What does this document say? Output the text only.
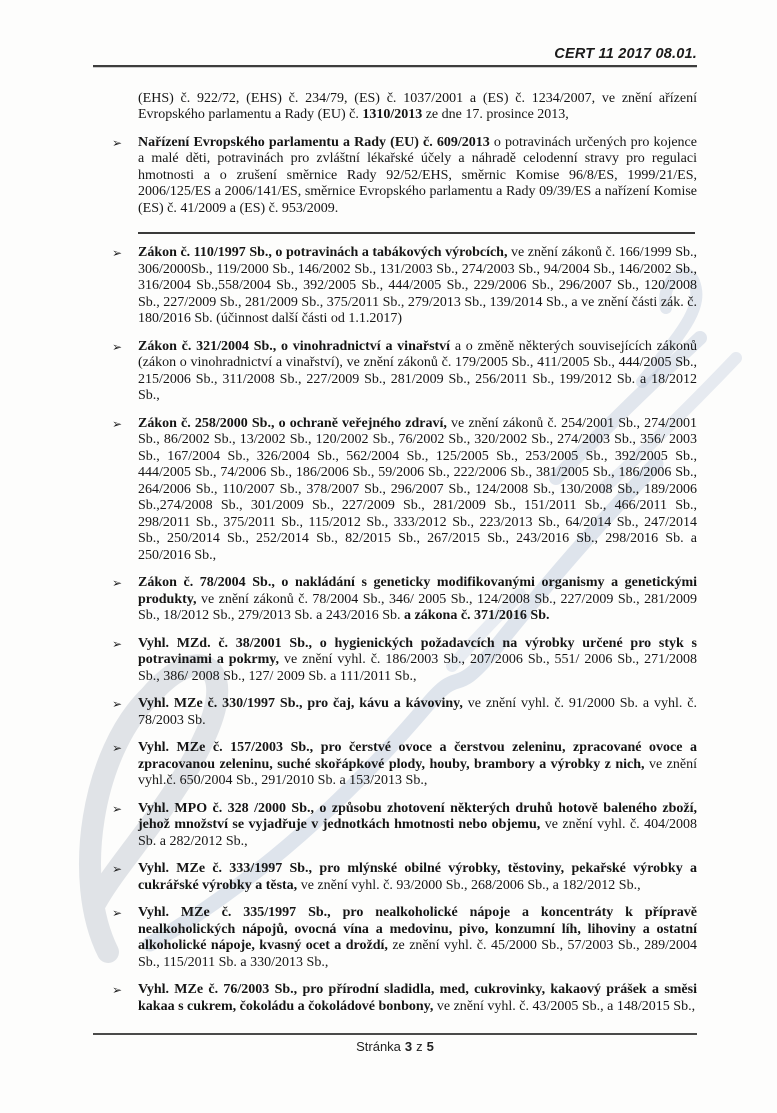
CERT 11 2017 08.01.
(EHS) č. 922/72, (EHS) č. 234/79, (ES) č. 1037/2001 a (ES) č. 1234/2007, ve znění ařízení Evropského parlamentu a Rady (EU) č. 1310/2013 ze dne 17. prosince 2013,
➢ Nařízení Evropského parlamentu a Rady (EU) č. 609/2013 o potravinách určených pro kojence a malé děti, potravinách pro zvláštní lékařské účely a náhradě celodenní stravy pro regulaci hmotnosti a o zrušení směrnice Rady 92/52/EHS, směrnic Komise 96/8/ES, 1999/21/ES, 2006/125/ES a 2006/141/ES, směrnice Evropského parlamentu a Rady 09/39/ES a nařízení Komise (ES) č. 41/2009 a (ES) č. 953/2009.
➢ Zákon č. 110/1997 Sb., o potravinách a tabákových výrobcích, ve znění zákonů č. 166/1999 Sb., 306/2000Sb., 119/2000 Sb., 146/2002 Sb., 131/2003 Sb., 274/2003 Sb., 94/2004 Sb., 146/2002 Sb., 316/2004 Sb.,558/2004 Sb., 392/2005 Sb., 444/2005 Sb., 229/2006 Sb., 296/2007 Sb., 120/2008 Sb., 227/2009 Sb., 281/2009 Sb., 375/2011 Sb., 279/2013 Sb., 139/2014 Sb., a ve znění části zák. č. 180/2016 Sb. (účinnost další části od 1.1.2017)
➢ Zákon č. 321/2004 Sb., o vinohradnictví a vinařství a o změně některých souvisejících zákonů (zákon o vinohradnictví a vinařství), ve znění zákonů č. 179/2005 Sb., 411/2005 Sb., 444/2005 Sb., 215/2006 Sb., 311/2008 Sb., 227/2009 Sb., 281/2009 Sb., 256/2011 Sb., 199/2012 Sb. a 18/2012 Sb.,
➢ Zákon č. 258/2000 Sb., o ochraně veřejného zdraví, ve znění zákonů č. 254/2001 Sb., 274/2001 Sb., 86/2002 Sb., 13/2002 Sb., 120/2002 Sb., 76/2002 Sb., 320/2002 Sb., 274/2003 Sb., 356/ 2003 Sb., 167/2004 Sb., 326/2004 Sb., 562/2004 Sb., 125/2005 Sb., 253/2005 Sb., 392/2005 Sb., 444/2005 Sb., 74/2006 Sb., 186/2006 Sb., 59/2006 Sb., 222/2006 Sb., 381/2005 Sb., 186/2006 Sb., 264/2006 Sb., 110/2007 Sb., 378/2007 Sb., 296/2007 Sb., 124/2008 Sb., 130/2008 Sb., 189/2006 Sb.,274/2008 Sb., 301/2009 Sb., 227/2009 Sb., 281/2009 Sb., 151/2011 Sb., 466/2011 Sb., 298/2011 Sb., 375/2011 Sb., 115/2012 Sb., 333/2012 Sb., 223/2013 Sb., 64/2014 Sb., 247/2014 Sb., 250/2014 Sb., 252/2014 Sb., 82/2015 Sb., 267/2015 Sb., 243/2016 Sb., 298/2016 Sb. a 250/2016 Sb.,
➢ Zákon č. 78/2004 Sb., o nakládání s geneticky modifikovanými organismy a genetickými produkty, ve znění zákonů č. 78/2004 Sb., 346/ 2005 Sb., 124/2008 Sb., 227/2009 Sb., 281/2009 Sb., 18/2012 Sb., 279/2013 Sb. a 243/2016 Sb. a zákona č. 371/2016 Sb.
➢ Vyhl. MZd. č. 38/2001 Sb., o hygienických požadavcích na výrobky určené pro styk s potravinami a pokrmy, ve znění vyhl. č. 186/2003 Sb., 207/2006 Sb., 551/ 2006 Sb., 271/2008 Sb., 386/ 2008 Sb., 127/ 2009 Sb. a 111/2011 Sb.,
➢ Vyhl. MZe č. 330/1997 Sb., pro čaj, kávu a kávoviny, ve znění vyhl. č. 91/2000 Sb. a vyhl. č. 78/2003 Sb.
➢ Vyhl. MZe č. 157/2003 Sb., pro čerstvé ovoce a čerstvou zeleninu, zpracované ovoce a zpracovanou zeleninu, suché skořápkové plody, houby, brambory a výrobky z nich, ve znění vyhl.č. 650/2004 Sb., 291/2010 Sb. a 153/2013 Sb.,
➢ Vyhl. MPO č. 328 /2000 Sb., o způsobu zhotovení některých druhů hotově baleného zboží, jehož množství se vyjadřuje v jednotkách hmotnosti nebo objemu, ve znění vyhl. č. 404/2008 Sb. a 282/2012 Sb.,
➢ Vyhl. MZe č. 333/1997 Sb., pro mlýnské obilné výrobky, těstoviny, pekařské výrobky a cukrářské výrobky a těsta, ve znění vyhl. č. 93/2000 Sb., 268/2006 Sb., a 182/2012 Sb.,
➢ Vyhl. MZe č. 335/1997 Sb., pro nealkoholické nápoje a koncentráty k přípravě nealkoholických nápojů, ovocná vína a medovinu, pivo, konzumní líh, lihoviny a ostatní alkoholické nápoje, kvasný ocet a droždí, ze znění vyhl. č. 45/2000 Sb., 57/2003 Sb., 289/2004 Sb., 115/2011 Sb. a 330/2013 Sb.,
➢ Vyhl. MZe č. 76/2003 Sb., pro přírodní sladidla, med, cukrovinky, kakaový prášek a směsi kakaa s cukrem, čokoládu a čokoládové bonbony, ve znění vyhl. č. 43/2005 Sb., a 148/2015 Sb.,
Stránka 3 z 5
